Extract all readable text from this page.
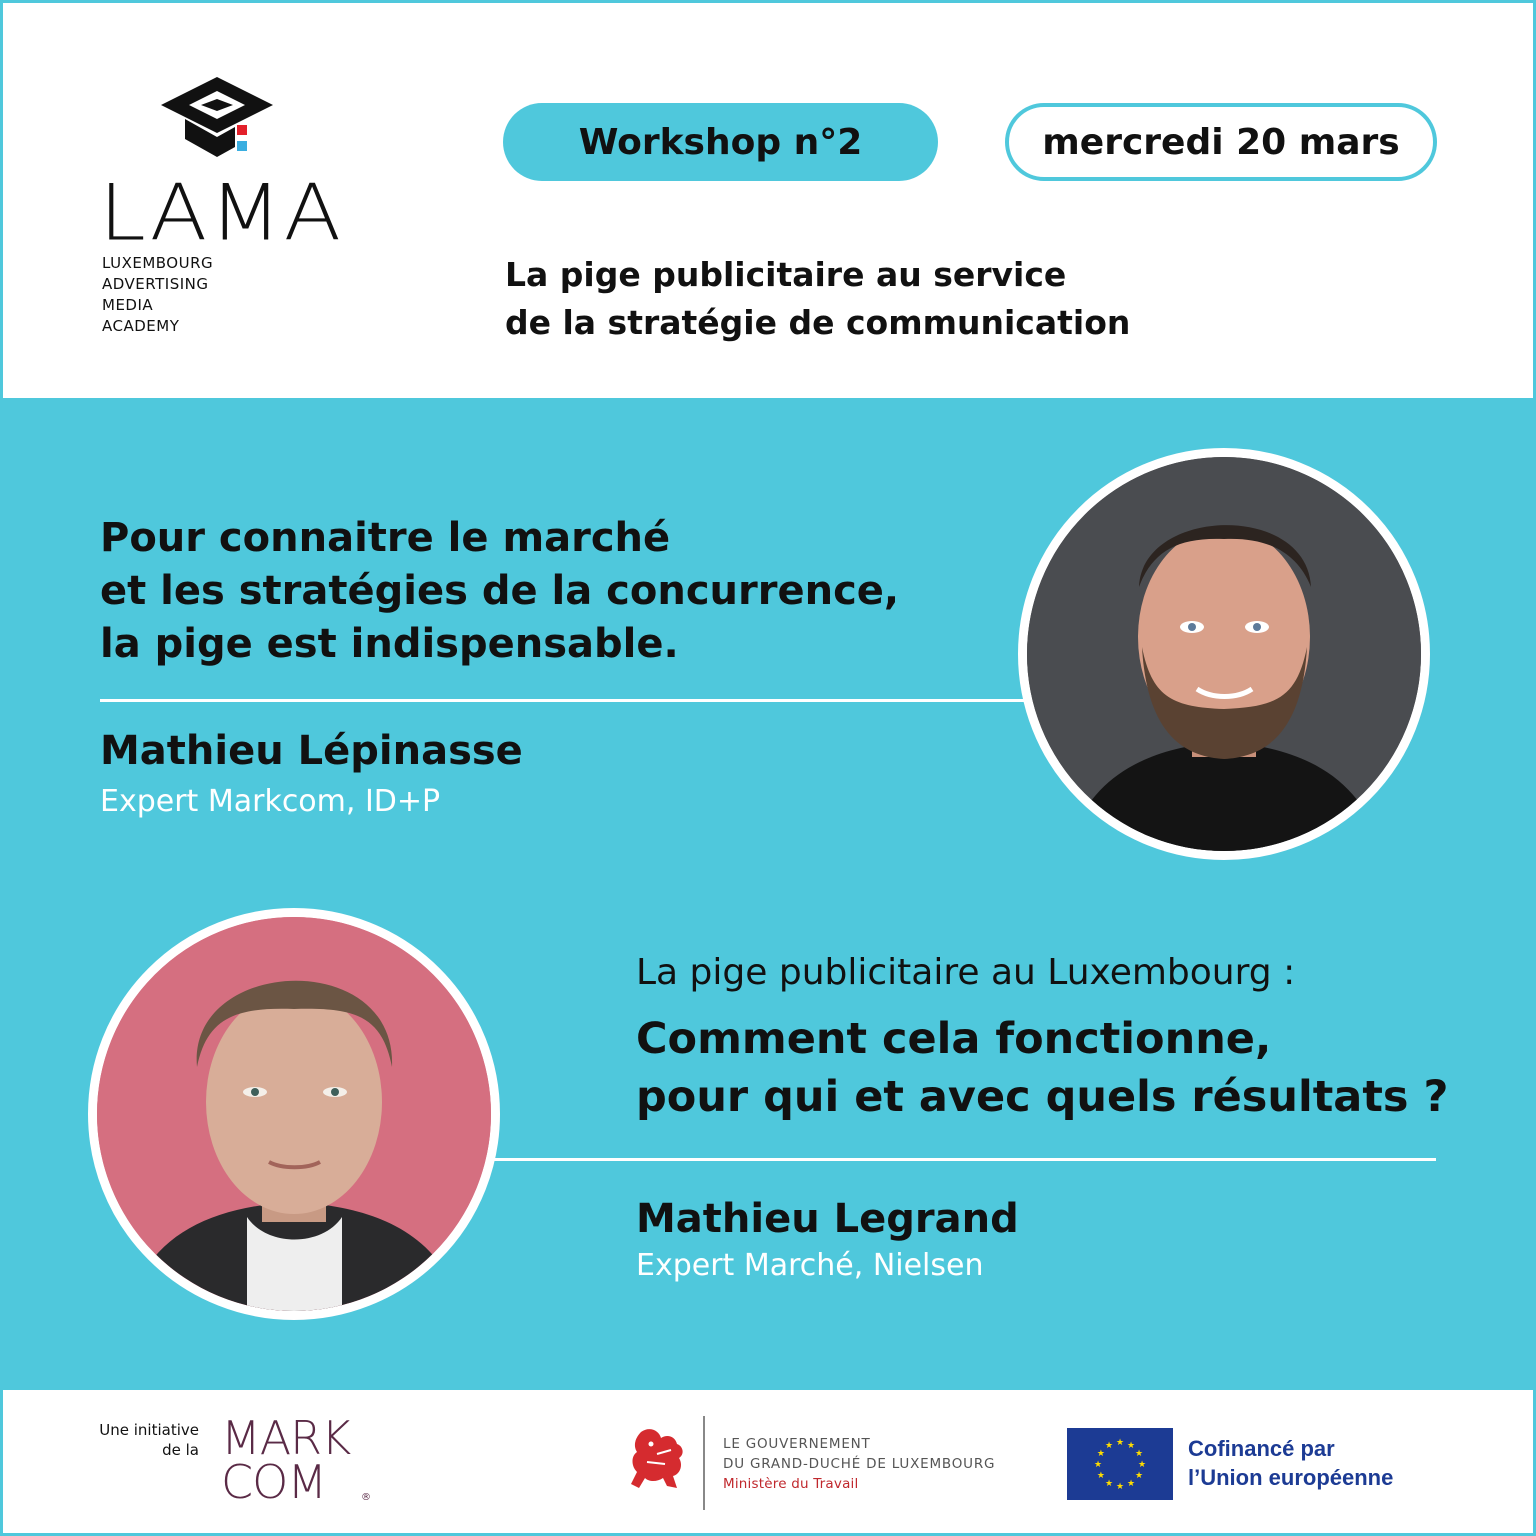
LAMA
LUXEMBOURG
ADVERTISING
MEDIA
ACADEMY
Workshop n°2	mercredi 20 mars
La pige publicitaire au service
de la stratégie de communication
Pour connaitre le marché
et les stratégies de la concurrence,
la pige est indispensable.
Mathieu Lépinasse
Expert Markcom, ID+P
La pige publicitaire au Luxembourg :
Comment cela fonctionne,
pour qui et avec quels résultats ?
Mathieu Legrand
Expert Marché, Nielsen
Une initiative
de la MARK
COM	®
LE GOUVERNEMENT
DU GRAND-DUCHÉ DE LUXEMBOURG
Ministère du Travail
★
★
★
★
★
★
★
★
★ ★ ★
★ Cofinancé par
l’Union européenne
